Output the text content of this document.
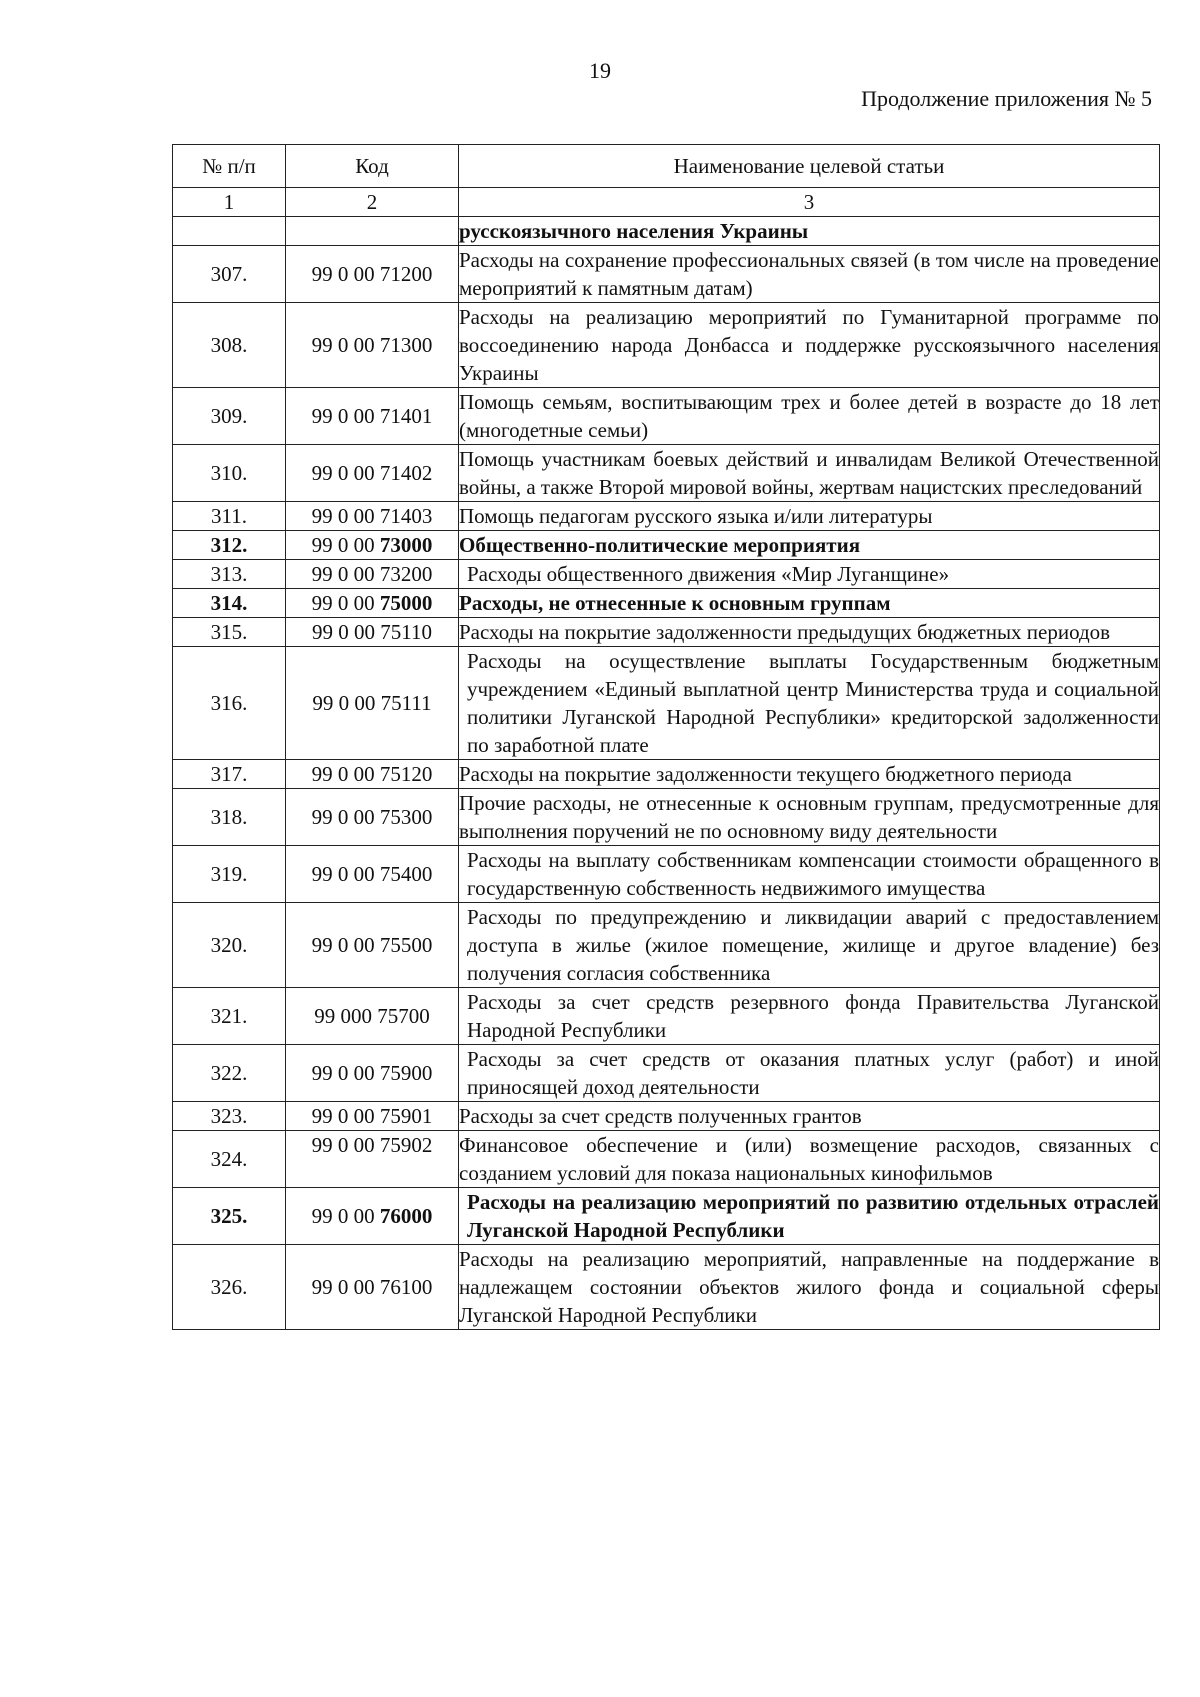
19
Продолжение приложения № 5
№ п/п	Код	Наименование целевой статьи
1	2	3
		русскоязычного населения Украины
307.	99 0 00 71200	Расходы на сохранение профессиональных связей (в том числе на проведение мероприятий к памятным датам)
308.	99 0 00 71300	Расходы на реализацию мероприятий по Гуманитарной программе по воссоединению народа Донбасса и поддержке русскоязычного населения Украины
309.	99 0 00 71401	Помощь семьям, воспитывающим трех и более детей в возрасте до 18 лет (многодетные семьи)
310.	99 0 00 71402	Помощь участникам боевых действий и инвалидам Великой Отечественной войны, а также Второй мировой войны, жертвам нацистских преследований
311.	99 0 00 71403	Помощь педагогам русского языка и/или литературы
312.	99 0 00 73000	Общественно-политические мероприятия
313.	99 0 00 73200	Расходы общественного движения «Мир Луганщине»
314.	99 0 00 75000	Расходы, не отнесенные к основным группам
315.	99 0 00 75110	Расходы на покрытие задолженности предыдущих бюджетных периодов
316.	99 0 00 75111	Расходы на осуществление выплаты Государственным бюджетным учреждением «Единый выплатной центр Министерства труда и социальной политики Луганской Народной Республики» кредиторской задолженности по заработной плате
317.	99 0 00 75120	Расходы на покрытие задолженности текущего бюджетного периода
318.	99 0 00 75300	Прочие расходы, не отнесенные к основным группам, предусмотренные для выполнения поручений не по основному виду деятельности
319.	99 0 00 75400	Расходы на выплату собственникам компенсации стоимости обращенного в государственную собственность недвижимого имущества
320.	99 0 00 75500	Расходы по предупреждению и ликвидации аварий с предоставлением доступа в жилье (жилое помещение, жилище и другое владение) без получения согласия собственника
321.	99 000 75700	Расходы за счет средств резервного фонда Правительства Луганской Народной Республики
322.	99 0 00 75900	Расходы за счет средств от оказания платных услуг (работ) и иной приносящей доход деятельности
323.	99 0 00 75901	Расходы за счет средств полученных грантов
324.	99 0 00 75902	Финансовое обеспечение и (или) возмещение расходов, связанных с созданием условий для показа национальных кинофильмов
325.	99 0 00 76000	Расходы на реализацию мероприятий по развитию отдельных отраслей Луганской Народной Республики
326.	99 0 00 76100	Расходы на реализацию мероприятий, направленные на поддержание в надлежащем состоянии объектов жилого фонда и социальной сферы Луганской Народной Республики
